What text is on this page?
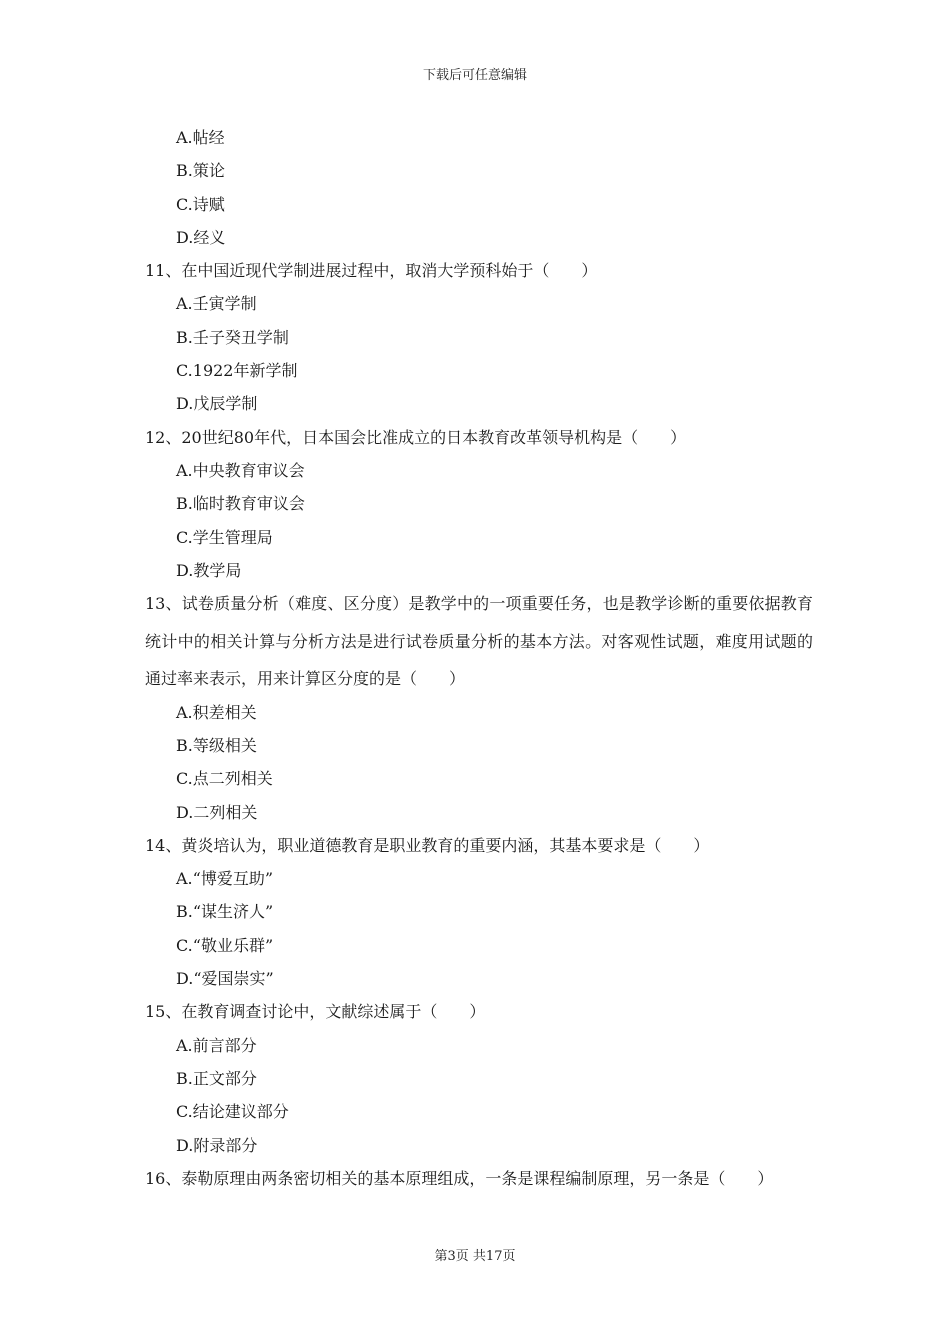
下载后可任意编辑
A.帖经
B.策论
C.诗赋
D.经义
11、在中国近现代学制进展过程中，取消大学预科始于（　　）
A.壬寅学制
B.壬子癸丑学制
C.1922年新学制
D.戊辰学制
12、20世纪80年代，日本国会比准成立的日本教育改革领导机构是（　　）
A.中央教育审议会
B.临时教育审议会
C.学生管理局
D.教学局
13、试卷质量分析（难度、区分度）是教学中的一项重要任务，也是教学诊断的重要依据教育统计中的相关计算与分析方法是进行试卷质量分析的基本方法。对客观性试题，难度用试题的通过率来表示，用来计算区分度的是（　　）
A.积差相关
B.等级相关
C.点二列相关
D.二列相关
14、黄炎培认为，职业道德教育是职业教育的重要内涵，其基本要求是（　　）
A.“博爱互助”
B.“谋生济人”
C.“敬业乐群”
D.“爱国崇实”
15、在教育调查讨论中，文献综述属于（　　）
A.前言部分
B.正文部分
C.结论建议部分
D.附录部分
16、泰勒原理由两条密切相关的基本原理组成，一条是课程编制原理，另一条是（　　）
第3页 共17页
